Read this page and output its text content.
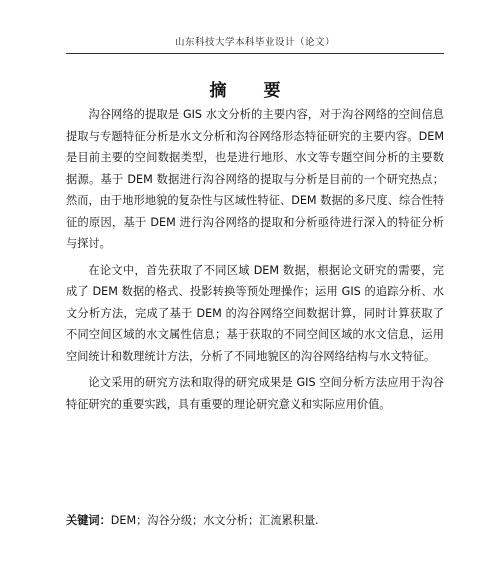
山东科技大学本科毕业设计（论文）
摘　要

沟谷网络的提取是 GIS 水文分析的主要内容，对于沟谷网络的空间信息提取与专题特征分析是水文分析和沟谷网络形态特征研究的主要内容。DEM 是目前主要的空间数据类型，也是进行地形、水文等专题空间分析的主要数据源。基于 DEM 数据进行沟谷网络的提取与分析是目前的一个研究热点；然而，由于地形地貌的复杂性与区域性特征、DEM 数据的多尺度、综合性特征的原因，基于 DEM 进行沟谷网络的提取和分析亟待进行深入的特征分析与探讨。

在论文中，首先获取了不同区域 DEM 数据，根据论文研究的需要，完成了 DEM 数据的格式、投影转换等预处理操作；运用 GIS 的追踪分析、水文分析方法，完成了基于 DEM 的沟谷网络空间数据计算，同时计算获取了不同空间区域的水文属性信息；基于获取的不同空间区域的水文信息，运用空间统计和数理统计方法，分析了不同地貌区的沟谷网络结构与水文特征。

论文采用的研究方法和取得的研究成果是 GIS 空间分析方法应用于沟谷特征研究的重要实践，具有重要的理论研究意义和实际应用价值。

关键词：DEM；沟谷分级；水文分析；汇流累积量.
